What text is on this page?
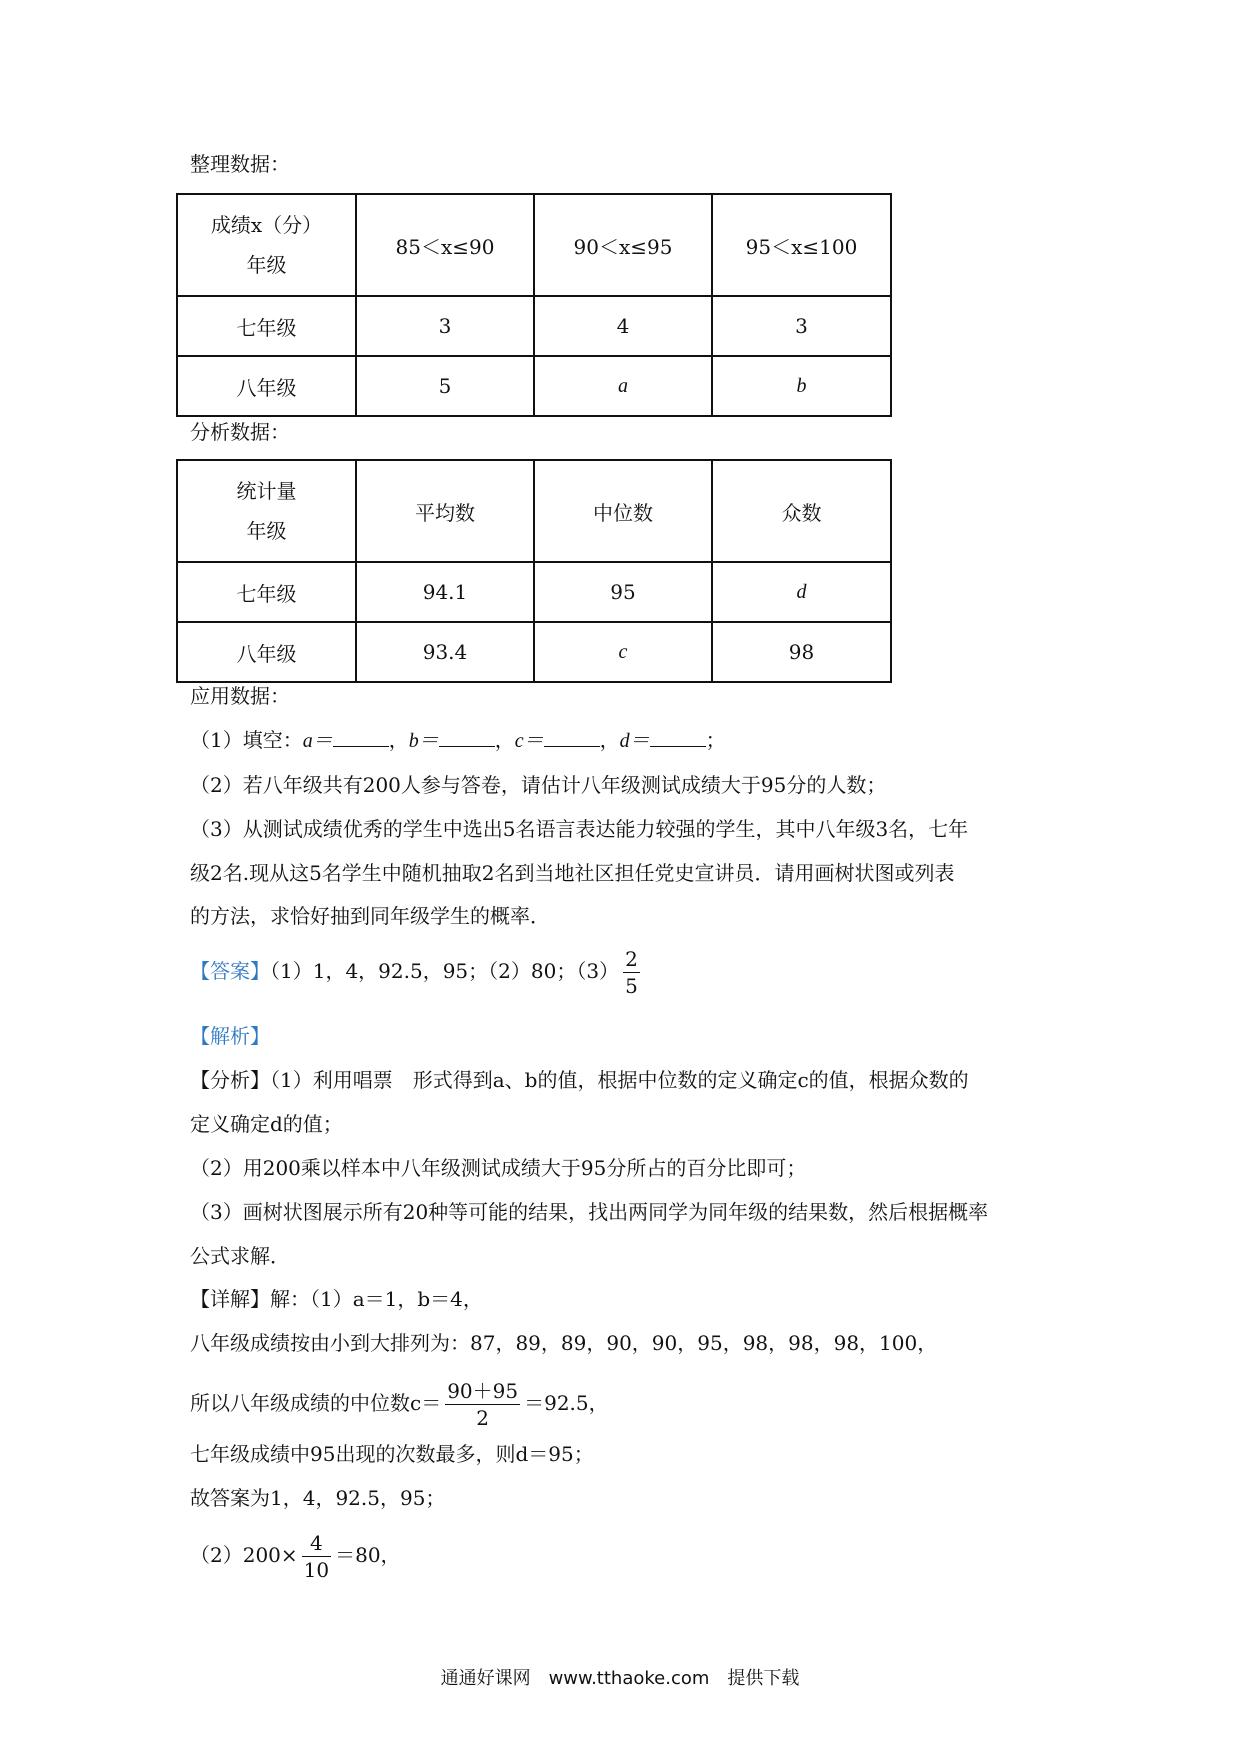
整理数据：
成绩x（分）
年级	85＜x≤90	90＜x≤95	95＜x≤100
七年级	3	4	3
八年级	5	a	b
分析数据：
统计量
年级	平均数	中位数	众数
七年级	94.1	95	d
八年级	93.4	c	98
应用数据：
（1）填空：a＝	，b＝	，c＝	，d＝	；
（2）若八年级共有200人参与答卷，请估计八年级测试成绩大于95分的人数；
（3）从测试成绩优秀的学生中选出5名语言表达能力较强的学生，其中八年级3名，七年
级2名.现从这5名学生中随机抽取2名到当地社区担任党史宣讲员．请用画树状图或列表
的方法，求恰好抽到同年级学生的概率．
【答案】（1）1，4，92.5，95；（2）80；$(3) \frac{2}{5}$
【解析】
【分析】（1）利用唱票　形式得到a、b的值，根据中位数的定义确定c的值，根据众数的
定义确定d的值；
（2）用200乘以样本中八年级测试成绩大于95分所占的百分比即可；
（3）画树状图展示所有20种等可能的结果，找出两同学为同年级的结果数，然后根据概率
公式求解．
【详解】解：（1）a＝1，b＝4，
八年级成绩按由小到大排列为：87，89，89，90，90，95，98，98，98，100，
所以八年级成绩的中位数$c= \frac{90+95}{2} =92.5$，
七年级成绩中95出现的次数最多，则d＝95；
故答案为1，4，92.5，95；
$(2)200\times \frac{4}{10} =80$，
通通好课网　www.tthaoke.com　提供下载
